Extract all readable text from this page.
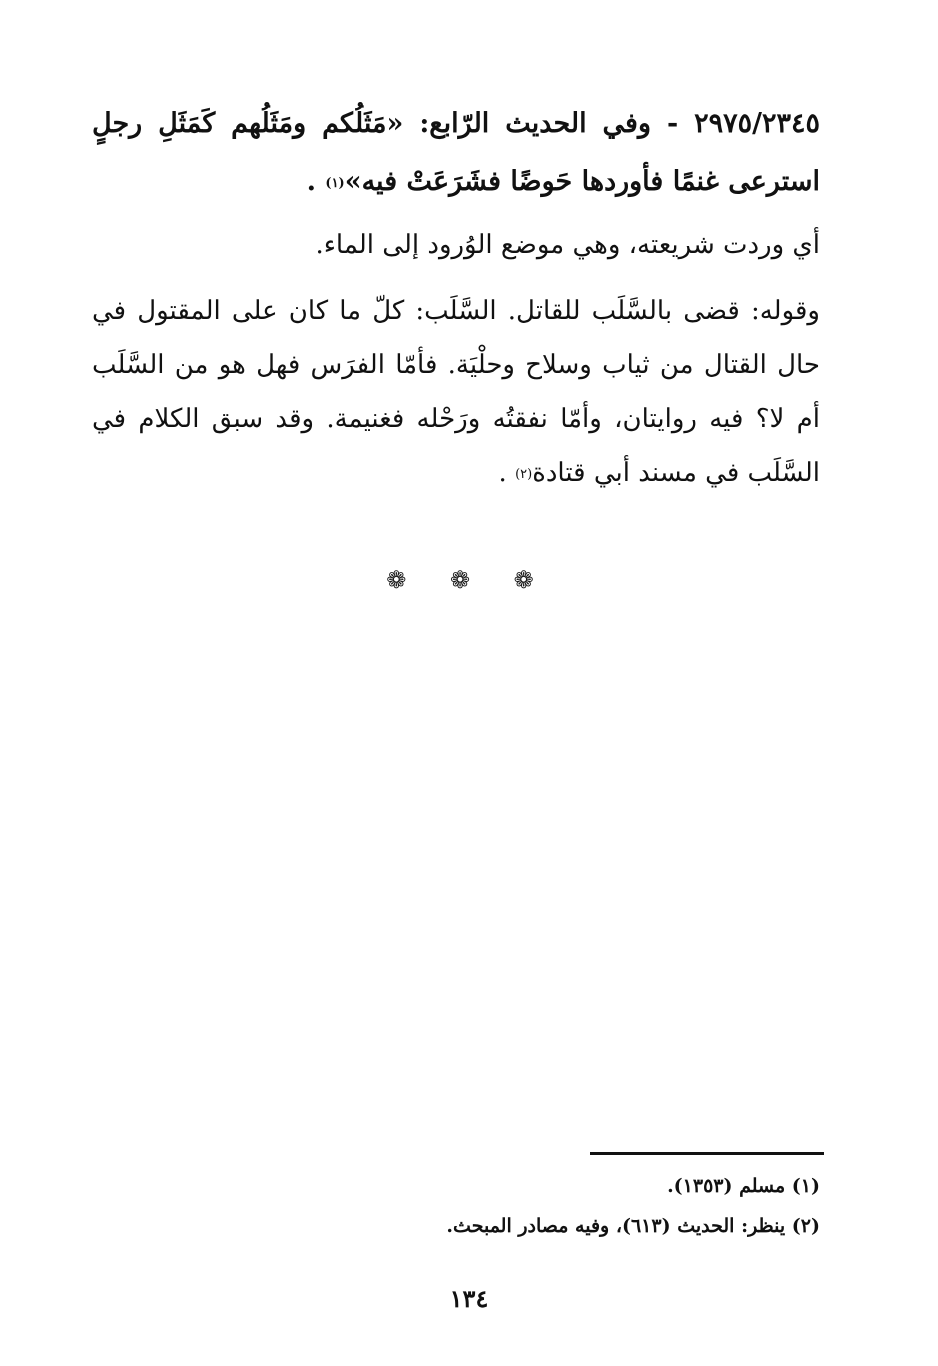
٢٩٧٥/٢٣٤٥ - وفي الحديث الرّابع: «مَثَلُكم ومَثَلُهم كَمَثَلِ رجلٍ استرعى غنمًا فأوردها حَوضًا فشَرَعَتْ فيه»$^{(١)}$ .
أي وردت شريعته، وهي موضع الوُرود إلى الماء.
وقوله: قضى بالسَّلَب للقاتل. السَّلَب: كلّ ما كان على المقتول في حال القتال من ثياب وسلاح وحلْيَة. فأمّا الفرَس فهل هو من السَّلَب أم لا؟ فيه روايتان، وأمّا نفقتُه ورَحْله فغنيمة. وقد سبق الكلام في السَّلَب في مسند أبي قتادة$^{(٢)}$ .
❁ ❁ ❁
(١) مسلم (١٣٥٣).
(٢) ينظر: الحديث (٦١٣)، وفيه مصادر المبحث.
١٣٤
